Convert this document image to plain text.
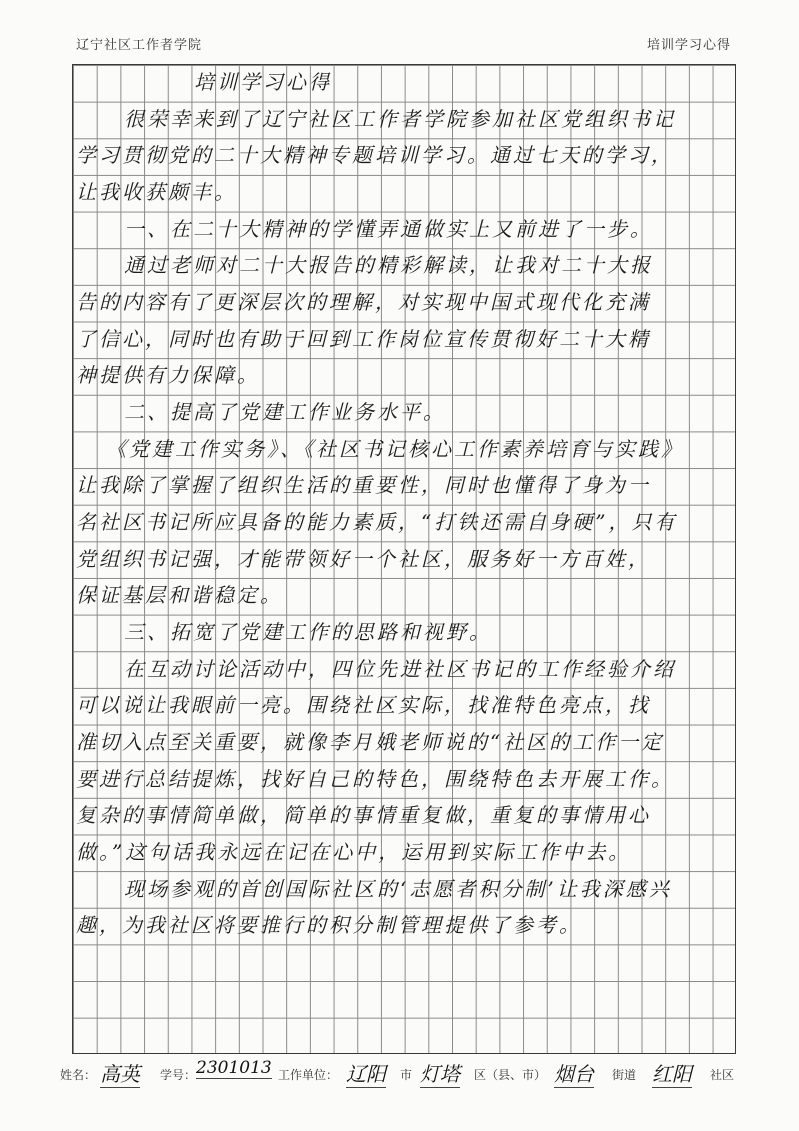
辽宁社区工作者学院	培训学习心得
培训学习心得
很荣幸来到了辽宁社区工作者学院参加社区党组织书记
学习贯彻党的二十大精神专题培训学习。通过七天的学习，
让我收获颇丰。
一、在二十大精神的学懂弄通做实上又前进了一步。
通过老师对二十大报告的精彩解读，让我对二十大报
告的内容有了更深层次的理解，对实现中国式现代化充满
了信心，同时也有助于回到工作岗位宣传贯彻好二十大精
神提供有力保障。
二、提高了党建工作业务水平。
《党建工作实务》、《社区书记核心工作素养培育与实践》
让我除了掌握了组织生活的重要性，同时也懂得了身为一
名社区书记所应具备的能力素质，“打铁还需自身硬”，只有
党组织书记强，才能带领好一个社区，服务好一方百姓，
保证基层和谐稳定。
三、拓宽了党建工作的思路和视野。
在互动讨论活动中，四位先进社区书记的工作经验介绍
可以说让我眼前一亮。围绕社区实际，找准特色亮点，找
准切入点至关重要，就像李月娥老师说的“社区的工作一定
要进行总结提炼，找好自己的特色，围绕特色去开展工作。
复杂的事情简单做，简单的事情重复做，重复的事情用心
做。”这句话我永远在记在心中，运用到实际工作中去。
现场参观的首创国际社区的‘志愿者积分制’让我深感兴
趣，为我社区将要推行的积分制管理提供了参考。
姓名： 高英 学号： 2301013 工作单位： 辽阳 市 灯塔 区（县、市） 烟台 街道 红阳 社区
